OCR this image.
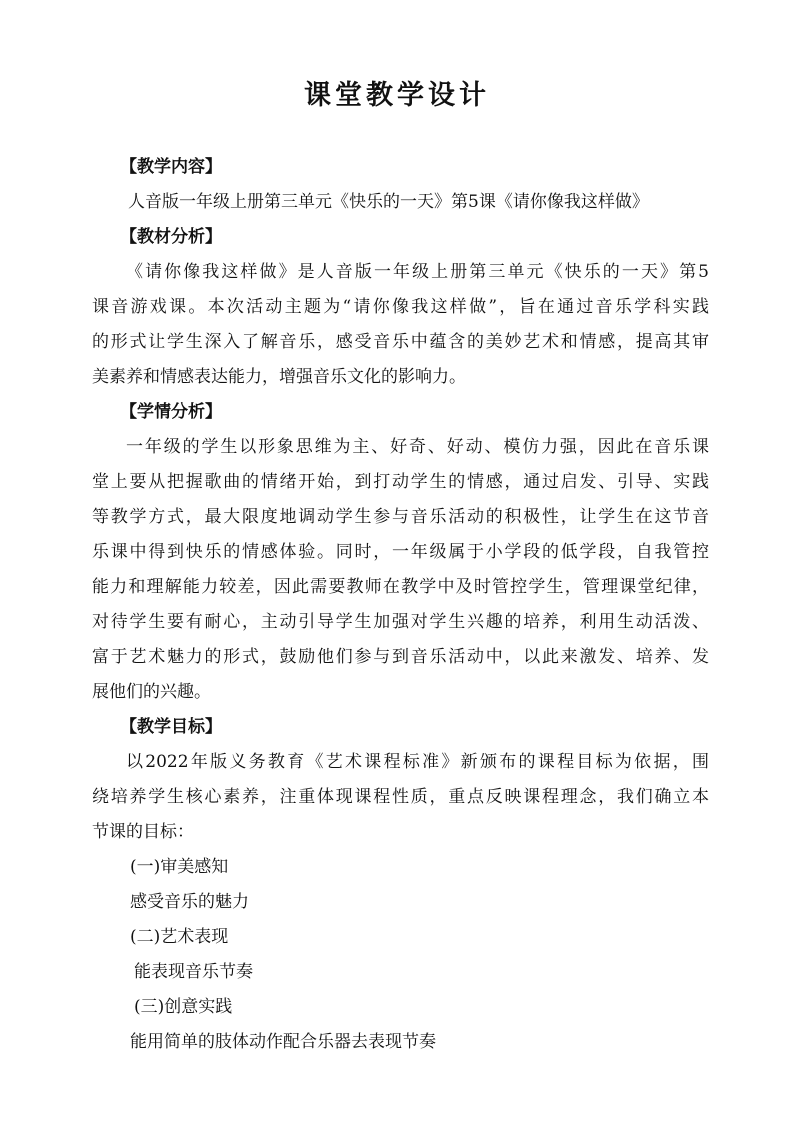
课堂教学设计
【教学内容】
人音版一年级上册第三单元《快乐的一天》第5课《请你像我这样做》
【教材分析】
《请你像我这样做》是人音版一年级上册第三单元《快乐的一天》第5
课音游戏课。本次活动主题为“请你像我这样做”，旨在通过音乐学科实践
的形式让学生深入了解音乐，感受音乐中蕴含的美妙艺术和情感，提高其审
美素养和情感表达能力，增强音乐文化的影响力。
【学情分析】
一年级的学生以形象思维为主、好奇、好动、模仿力强，因此在音乐课
堂上要从把握歌曲的情绪开始，到打动学生的情感，通过启发、引导、实践
等教学方式，最大限度地调动学生参与音乐活动的积极性，让学生在这节音
乐课中得到快乐的情感体验。同时，一年级属于小学段的低学段，自我管控
能力和理解能力较差，因此需要教师在教学中及时管控学生，管理课堂纪律，
对待学生要有耐心，主动引导学生加强对学生兴趣的培养，利用生动活泼、
富于艺术魅力的形式，鼓励他们参与到音乐活动中，以此来激发、培养、发
展他们的兴趣。
【教学目标】
以2022年版义务教育《艺术课程标准》新颁布的课程目标为依据，围
绕培养学生核心素养，注重体现课程性质，重点反映课程理念，我们确立本
节课的目标：
(一)审美感知
感受音乐的魅力
(二)艺术表现
能表现音乐节奏
(三)创意实践
能用简单的肢体动作配合乐器去表现节奏
